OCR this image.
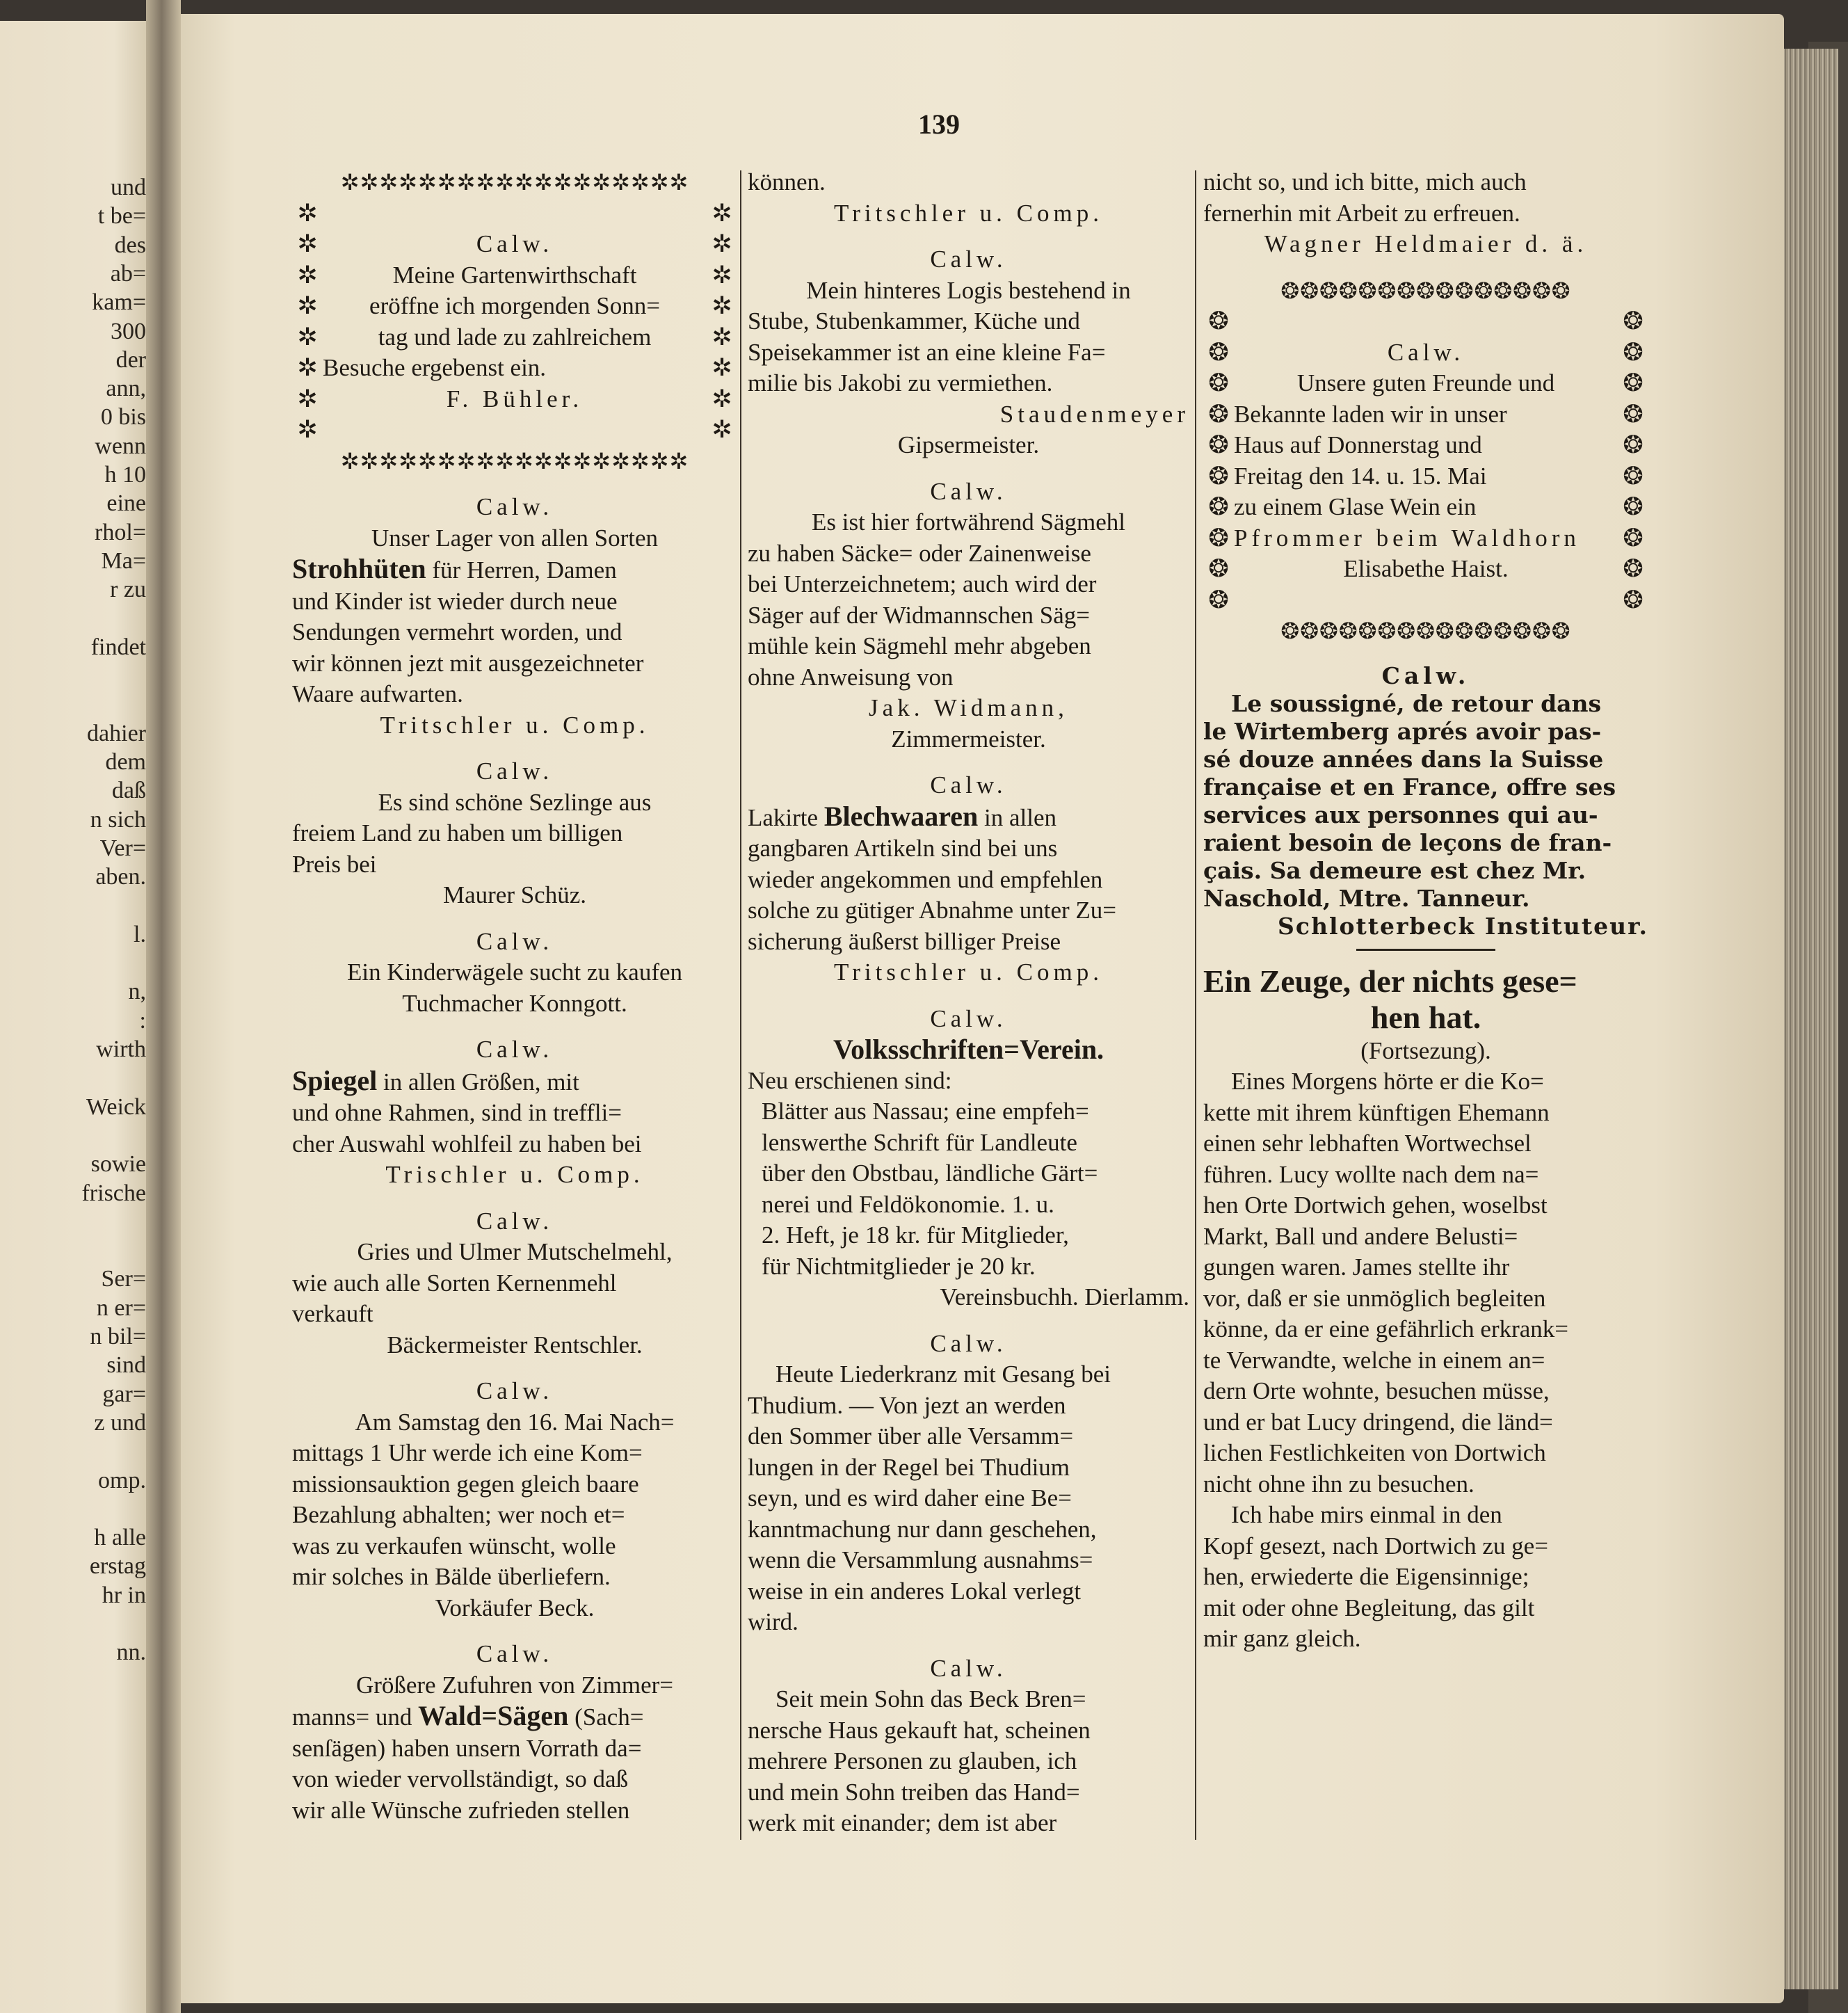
und
t be=
des
ab=
kam=
300
der
ann,
0 bis
wenn
h 10
eine
rhol=
Ma=
r zu
findet
dahier
dem
daß
n sich
Ver=
aben.
l.
n,
:
wirth
Weick
sowie
frische
Ser=
n er=
n bil=
sind
gar=
z und
omp.
h alle
erstag
hr in
nn.
139
✲✲✲✲✲✲✲✲✲✲✲✲✲✲✲✲✲✲
✲
✲
✲
✲
✲
✲
✲
✲
Calw.
Meine Gartenwirthschaft
eröffne ich morgenden Sonn=
tag und lade zu zahlreichem
Besuche ergebenst ein.
F. Bühler.
✲
✲
✲
✲
✲
✲
✲
✲
✲✲✲✲✲✲✲✲✲✲✲✲✲✲✲✲✲✲
Calw.
Unser Lager von allen Sorten
Strohhüten für Herren, Damen
und Kinder ist wieder durch neue
Sendungen vermehrt worden, und
wir können jezt mit ausgezeichneter
Waare aufwarten.
Tritschler u. Comp.
Calw.
Es sind schöne Sezlinge aus
freiem Land zu haben um billigen
Preis bei
Maurer Schüz.
Calw.
Ein Kinderwägele sucht zu kaufen
Tuchmacher Konngott.
Calw.
Spiegel in allen Größen, mit
und ohne Rahmen, sind in treffli=
cher Auswahl wohlfeil zu haben bei
Trischler u. Comp.
Calw.
Gries und Ulmer Mutschelmehl,
wie auch alle Sorten Kernenmehl
verkauft
Bäckermeister Rentschler.
Calw.
Am Samstag den 16. Mai Nach=
mittags 1 Uhr werde ich eine Kom=
missionsauktion gegen gleich baare
Bezahlung abhalten; wer noch et=
was zu verkaufen wünscht, wolle
mir solches in Bälde überliefern.
Vorkäufer Beck.
Calw.
Größere Zufuhren von Zimmer=
manns= und Wald=Sägen (Sach=
senſägen) haben unsern Vorrath da=
von wieder vervollständigt, so daß
wir alle Wünsche zufrieden stellen
können.
Tritschler u. Comp.
Calw.
Mein hinteres Logis bestehend in
Stube, Stubenkammer, Küche und
Speisekammer ist an eine kleine Fa=
milie bis Jakobi zu vermiethen.
Staudenmeyer
Gipsermeister.
Calw.
Es ist hier fortwährend Sägmehl
zu haben Säcke= oder Zainenweise
bei Unterzeichnetem; auch wird der
Säger auf der Widmannschen Säg=
mühle kein Sägmehl mehr abgeben
ohne Anweisung von
Jak. Widmann,
Zimmermeister.
Calw.
Lakirte Blechwaaren in allen
gangbaren Artikeln sind bei uns
wieder angekommen und empfehlen
solche zu gütiger Abnahme unter Zu=
sicherung äußerst billiger Preise
Tritschler u. Comp.
Calw.
Volksschriften=Verein.
Neu erschienen sind:
Blätter aus Nassau; eine empfeh=
lenswerthe Schrift für Landleute
über den Obstbau, ländliche Gärt=
nerei und Feldökonomie. 1. u.
2. Heft, je 18 kr. für Mitglieder,
für Nichtmitglieder je 20 kr.
Vereinsbuchh. Dierlamm.
Calw.
Heute Liederkranz mit Gesang bei
Thudium. — Von jezt an werden
den Sommer über alle Versamm=
lungen in der Regel bei Thudium
seyn, und es wird daher eine Be=
kanntmachung nur dann geschehen,
wenn die Versammlung ausnahms=
weise in ein anderes Lokal verlegt
wird.
Calw.
Seit mein Sohn das Beck Bren=
nersche Haus gekauft hat, scheinen
mehrere Personen zu glauben, ich
und mein Sohn treiben das Hand=
werk mit einander; dem ist aber
nicht so, und ich bitte, mich auch
fernerhin mit Arbeit zu erfreuen.
Wagner Heldmaier d. ä.
❂❂❂❂❂❂❂❂❂❂❂❂❂❂❂
❂
❂
❂
❂
❂
❂
❂
❂
❂
❂
Calw.
Unsere guten Freunde und
Bekannte laden wir in unser
Haus auf Donnerstag und
Freitag den 14. u. 15. Mai
zu einem Glase Wein ein
Pfrommer beim Waldhorn
Elisabethe Haist.
❂
❂
❂
❂
❂
❂
❂
❂
❂
❂
❂❂❂❂❂❂❂❂❂❂❂❂❂❂❂
Calw.
Le soussigné, de retour dans
le Wirtemberg aprés avoir pas-
sé douze années dans la Suisse
française et en France, offre ses
services aux personnes qui au-
raient besoin de leçons de fran-
çais. Sa demeure est chez Mr.
Naschold, Mtre. Tanneur.
Schlotterbeck Instituteur.
Ein Zeuge, der nichts gese=
hen hat.
(Fortsezung).
Eines Morgens hörte er die Ko=
kette mit ihrem künftigen Ehemann
einen sehr lebhaften Wortwechsel
führen. Lucy wollte nach dem na=
hen Orte Dortwich gehen, woselbst
Markt, Ball und andere Belusti=
gungen waren. James stellte ihr
vor, daß er sie unmöglich begleiten
könne, da er eine gefährlich erkrank=
te Verwandte, welche in einem an=
dern Orte wohnte, besuchen müsse,
und er bat Lucy dringend, die länd=
lichen Festlichkeiten von Dortwich
nicht ohne ihn zu besuchen.
Ich habe mirs einmal in den
Kopf gesezt, nach Dortwich zu ge=
hen, erwiederte die Eigensinnige;
mit oder ohne Begleitung, das gilt
mir ganz gleich.
